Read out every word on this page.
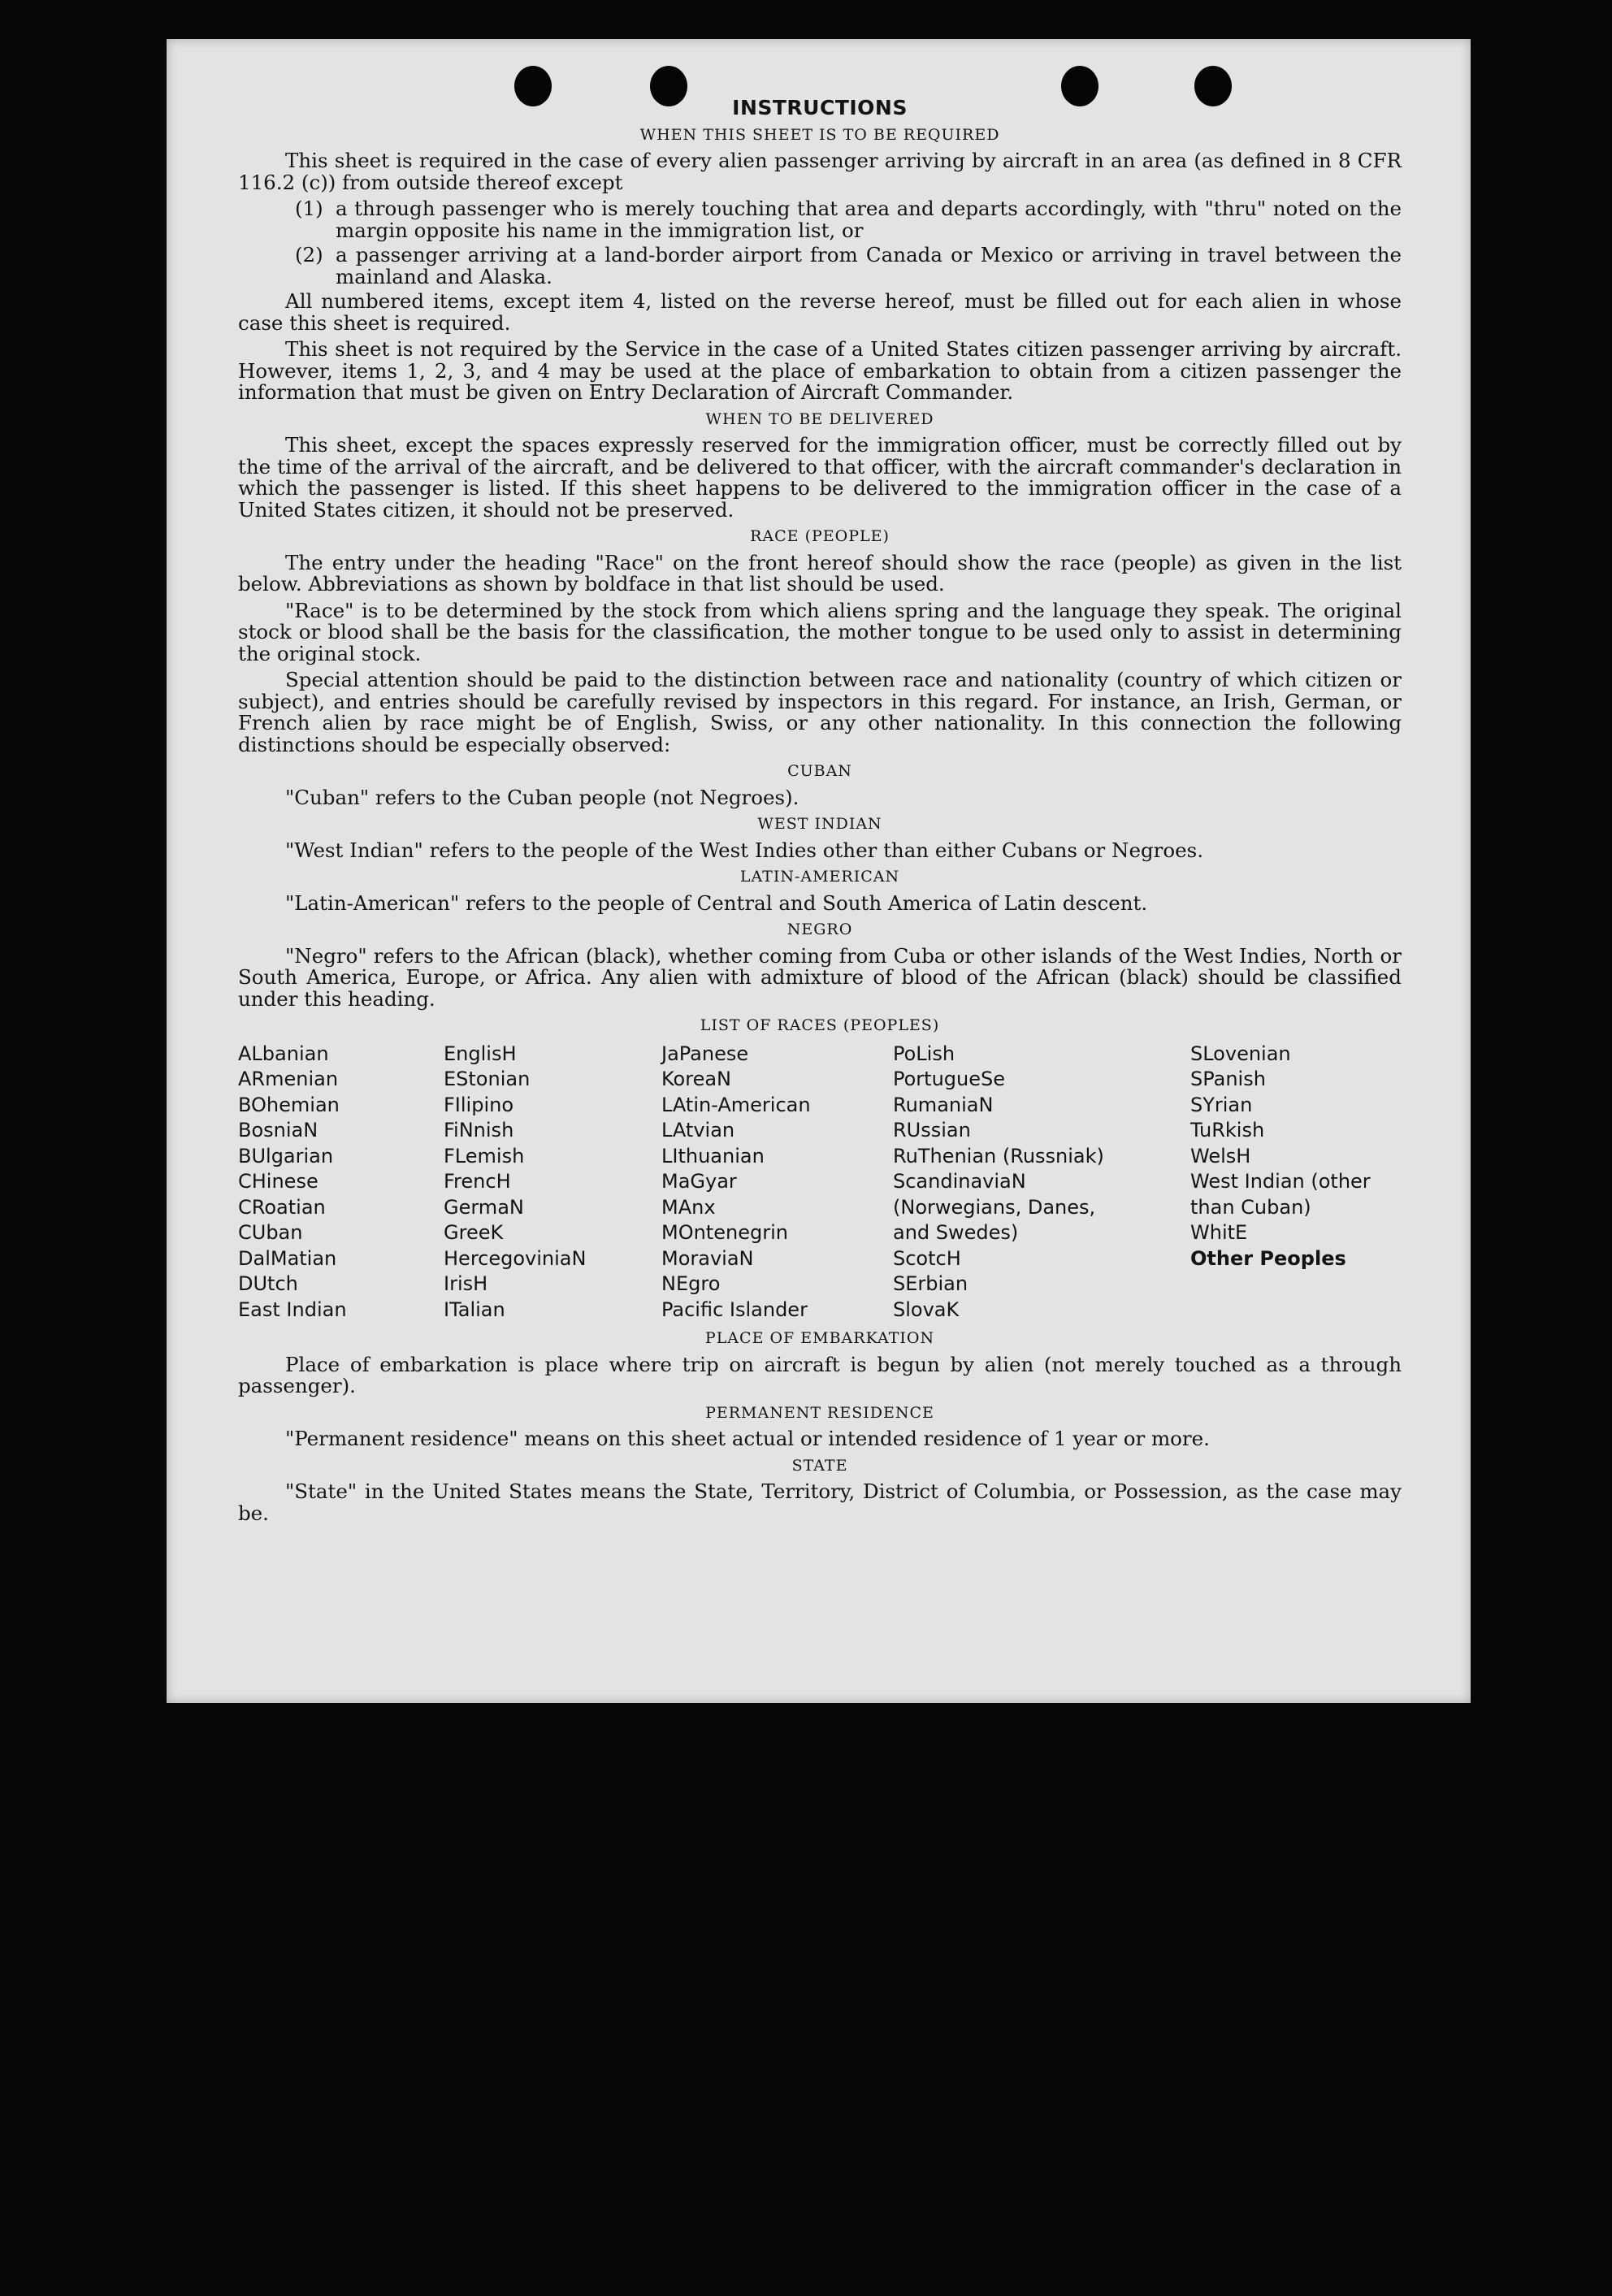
INSTRUCTIONS
WHEN THIS SHEET IS TO BE REQUIRED
This sheet is required in the case of every alien passenger arriving by aircraft in an area (as defined in 8 CFR 116.2 (c)) from outside thereof except
(1) a through passenger who is merely touching that area and departs accordingly, with "thru" noted on the margin opposite his name in the immigration list, or
(2) a passenger arriving at a land-border airport from Canada or Mexico or arriving in travel between the mainland and Alaska.
All numbered items, except item 4, listed on the reverse hereof, must be filled out for each alien in whose case this sheet is required.
This sheet is not required by the Service in the case of a United States citizen passenger arriving by aircraft. However, items 1, 2, 3, and 4 may be used at the place of embarkation to obtain from a citizen passenger the information that must be given on Entry Declaration of Aircraft Commander.
WHEN TO BE DELIVERED
This sheet, except the spaces expressly reserved for the immigration officer, must be correctly filled out by the time of the arrival of the aircraft, and be delivered to that officer, with the aircraft commander's declaration in which the passenger is listed. If this sheet happens to be delivered to the immigration officer in the case of a United States citizen, it should not be preserved.
RACE (PEOPLE)
The entry under the heading "Race" on the front hereof should show the race (people) as given in the list below. Abbreviations as shown by boldface in that list should be used.
"Race" is to be determined by the stock from which aliens spring and the language they speak. The original stock or blood shall be the basis for the classification, the mother tongue to be used only to assist in determining the original stock.
Special attention should be paid to the distinction between race and nationality (country of which citizen or subject), and entries should be carefully revised by inspectors in this regard. For instance, an Irish, German, or French alien by race might be of English, Swiss, or any other nationality. In this connection the following distinctions should be especially observed:
CUBAN
"Cuban" refers to the Cuban people (not Negroes).
WEST INDIAN
"West Indian" refers to the people of the West Indies other than either Cubans or Negroes.
LATIN-AMERICAN
"Latin-American" refers to the people of Central and South America of Latin descent.
NEGRO
"Negro" refers to the African (black), whether coming from Cuba or other islands of the West Indies, North or South America, Europe, or Africa. Any alien with admixture of blood of the African (black) should be classified under this heading.
LIST OF RACES (PEOPLES)
ALbanian
ARmenian
BOhemian
BosniaN
BUlgarian
CHinese
CRoatian
CUban
DalMatian
DUtch
East Indian
EnglisH
EStonian
FIlipino
FiNnish
FLemish
FrencH
GermaN
GreeK
HercegoviniaN
IrisH
ITalian
JaPanese
KoreaN
LAtin-American
LAtvian
LIthuanian
MaGyar
MAnx
MOntenegrin
MoraviaN
NEgro
Pacific Islander
PoLish
PortugueSe
RumaniaN
RUssian
RuThenian (Russniak)
ScandinaviaN (Norwegians, Danes, and Swedes)
ScotcH
SErbian
SlovaK
SLovenian
SPanish
SYrian
TuRkish
WelsH
West Indian (other than Cuban)
WhitE
Other Peoples
PLACE OF EMBARKATION
Place of embarkation is place where trip on aircraft is begun by alien (not merely touched as a through passenger).
PERMANENT RESIDENCE
"Permanent residence" means on this sheet actual or intended residence of 1 year or more.
STATE
"State" in the United States means the State, Territory, District of Columbia, or Possession, as the case may be.
